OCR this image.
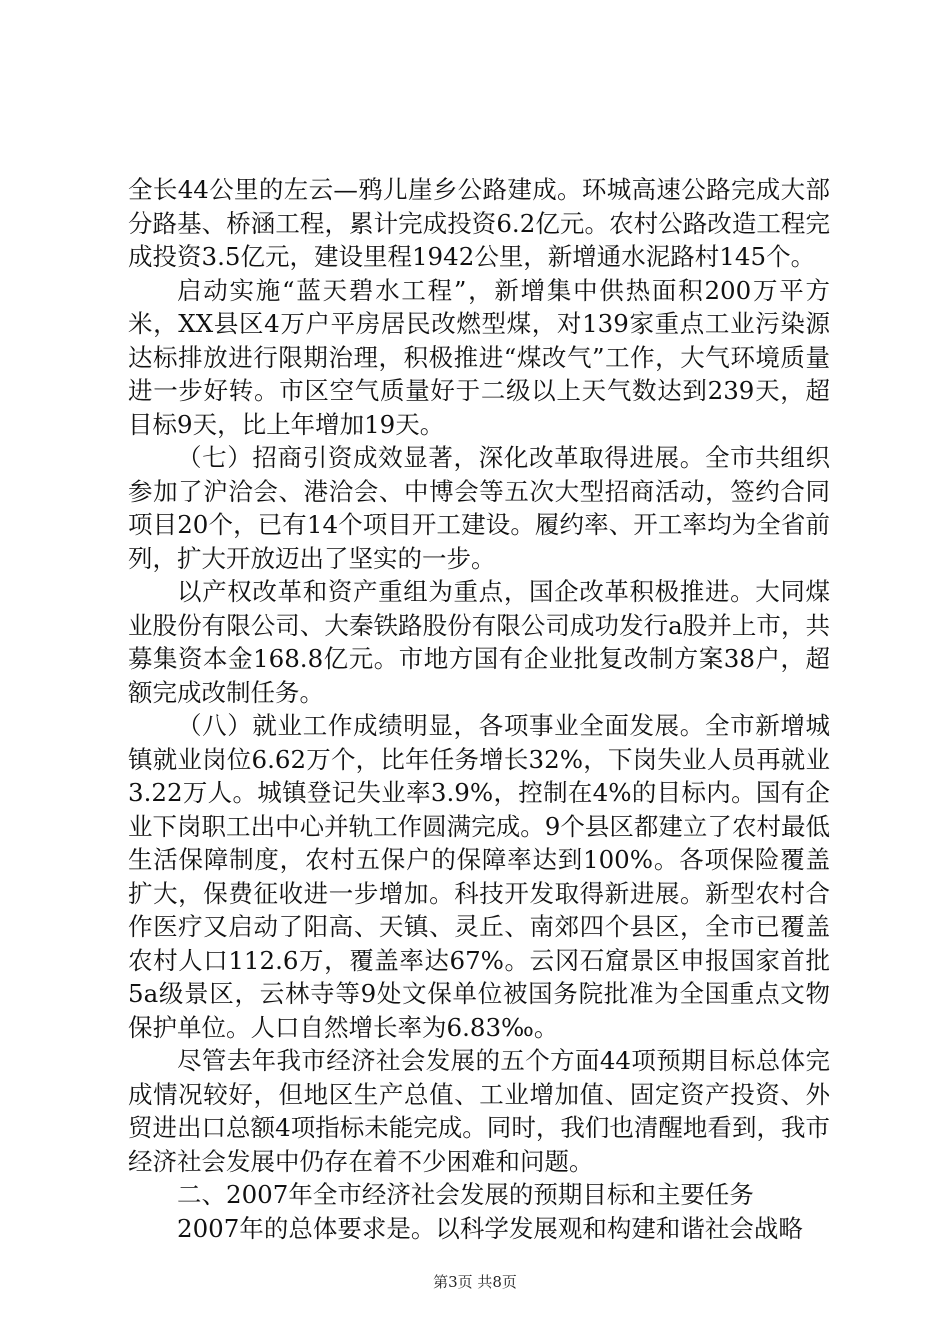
全长44公里的左云—鸦儿崖乡公路建成。环城高速公路完成大部分路基、桥涵工程，累计完成投资6.2亿元。农村公路改造工程完成投资3.5亿元，建设里程1942公里，新增通水泥路村145个。

启动实施“蓝天碧水工程”，新增集中供热面积200万平方米，XX县区4万户平房居民改燃型煤，对139家重点工业污染源达标排放进行限期治理，积极推进“煤改气”工作，大气环境质量进一步好转。市区空气质量好于二级以上天气数达到239天，超目标9天，比上年增加19天。

（七）招商引资成效显著，深化改革取得进展。全市共组织参加了沪洽会、港洽会、中博会等五次大型招商活动，签约合同项目20个，已有14个项目开工建设。履约率、开工率均为全省前列，扩大开放迈出了坚实的一步。

以产权改革和资产重组为重点，国企改革积极推进。大同煤业股份有限公司、大秦铁路股份有限公司成功发行a股并上市，共募集资本金168.8亿元。市地方国有企业批复改制方案38户，超额完成改制任务。

（八）就业工作成绩明显，各项事业全面发展。全市新增城镇就业岗位6.62万个，比年任务增长32%，下岗失业人员再就业3.22万人。城镇登记失业率3.9%，控制在4%的目标内。国有企业下岗职工出中心并轨工作圆满完成。9个县区都建立了农村最低生活保障制度，农村五保户的保障率达到100%。各项保险覆盖扩大，保费征收进一步增加。科技开发取得新进展。新型农村合作医疗又启动了阳高、天镇、灵丘、南郊四个县区，全市已覆盖农村人口112.6万，覆盖率达67%。云冈石窟景区申报国家首批5a级景区，云林寺等9处文保单位被国务院批准为全国重点文物保护单位。人口自然增长率为6.83‰。

尽管去年我市经济社会发展的五个方面44项预期目标总体完成情况较好，但地区生产总值、工业增加值、固定资产投资、外贸进出口总额4项指标未能完成。同时，我们也清醒地看到，我市经济社会发展中仍存在着不少困难和问题。

二、2007年全市经济社会发展的预期目标和主要任务

2007年的总体要求是。以科学发展观和构建和谐社会战略

第3页 共8页
